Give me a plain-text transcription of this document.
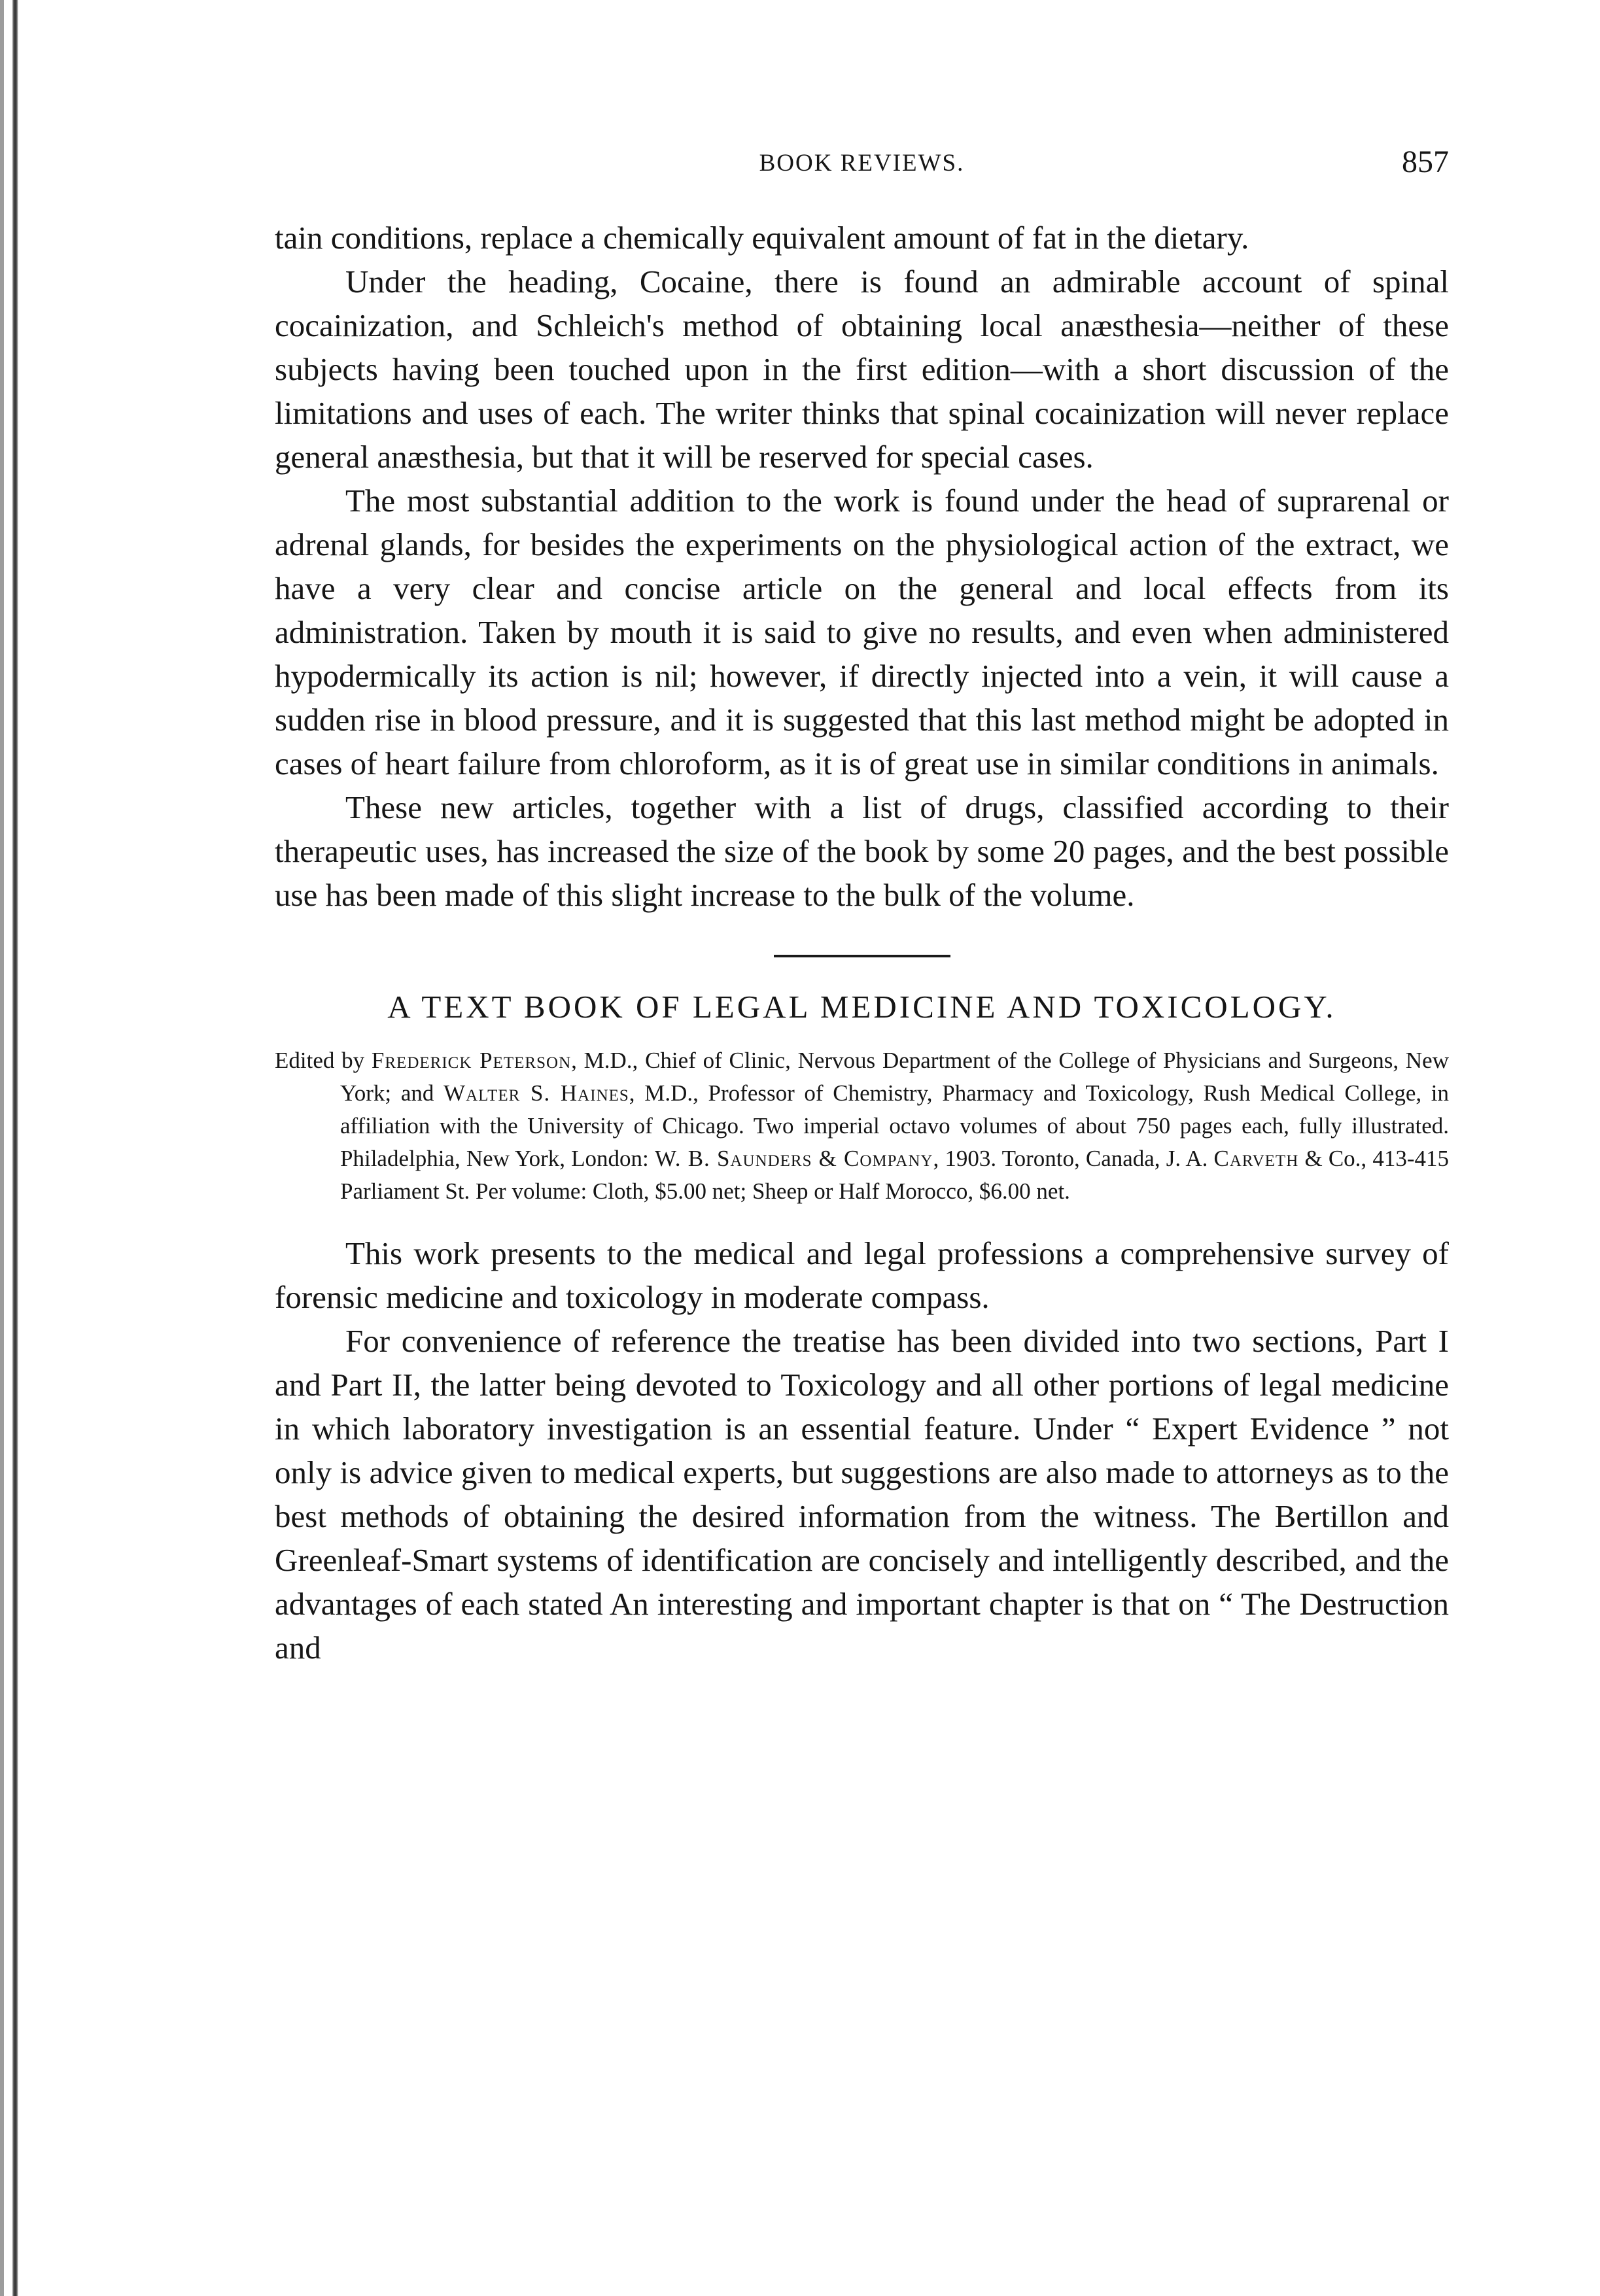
BOOK REVIEWS.	857

tain conditions, replace a chemically equivalent amount of fat in the dietary.

Under the heading, Cocaine, there is found an admirable account of spinal cocainization, and Schleich's method of obtaining local anæsthesia—neither of these subjects having been touched upon in the first edition—with a short discussion of the limitations and uses of each. The writer thinks that spinal cocainization will never replace general anæsthesia, but that it will be reserved for special cases.

The most substantial addition to the work is found under the head of suprarenal or adrenal glands, for besides the experiments on the physiological action of the extract, we have a very clear and concise article on the general and local effects from its administration. Taken by mouth it is said to give no results, and even when administered hypodermically its action is nil; however, if directly injected into a vein, it will cause a sudden rise in blood pressure, and it is suggested that this last method might be adopted in cases of heart failure from chloroform, as it is of great use in similar conditions in animals.

These new articles, together with a list of drugs, classified according to their therapeutic uses, has increased the size of the book by some 20 pages, and the best possible use has been made of this slight increase to the bulk of the volume.

A TEXT BOOK OF LEGAL MEDICINE AND TOXICOLOGY.
Edited by Frederick Peterson, M.D., Chief of Clinic, Nervous Department of the College of Physicians and Surgeons, New York; and Walter S. Haines, M.D., Professor of Chemistry, Pharmacy and Toxicology, Rush Medical College, in affiliation with the University of Chicago. Two imperial octavo volumes of about 750 pages each, fully illustrated. Philadelphia, New York, London: W. B. Saunders & Company, 1903. Toronto, Canada, J. A. Carveth & Co., 413-415 Parliament St. Per volume: Cloth, $5.00 net; Sheep or Half Morocco, $6.00 net.

This work presents to the medical and legal professions a comprehensive survey of forensic medicine and toxicology in moderate compass.

For convenience of reference the treatise has been divided into two sections, Part I and Part II, the latter being devoted to Toxicology and all other portions of legal medicine in which laboratory investigation is an essential feature. Under “ Expert Evidence ” not only is advice given to medical experts, but suggestions are also made to attorneys as to the best methods of obtaining the desired information from the witness. The Bertillon and Greenleaf-Smart systems of identification are concisely and intelligently described, and the advantages of each stated An interesting and important chapter is that on “ The Destruction and
